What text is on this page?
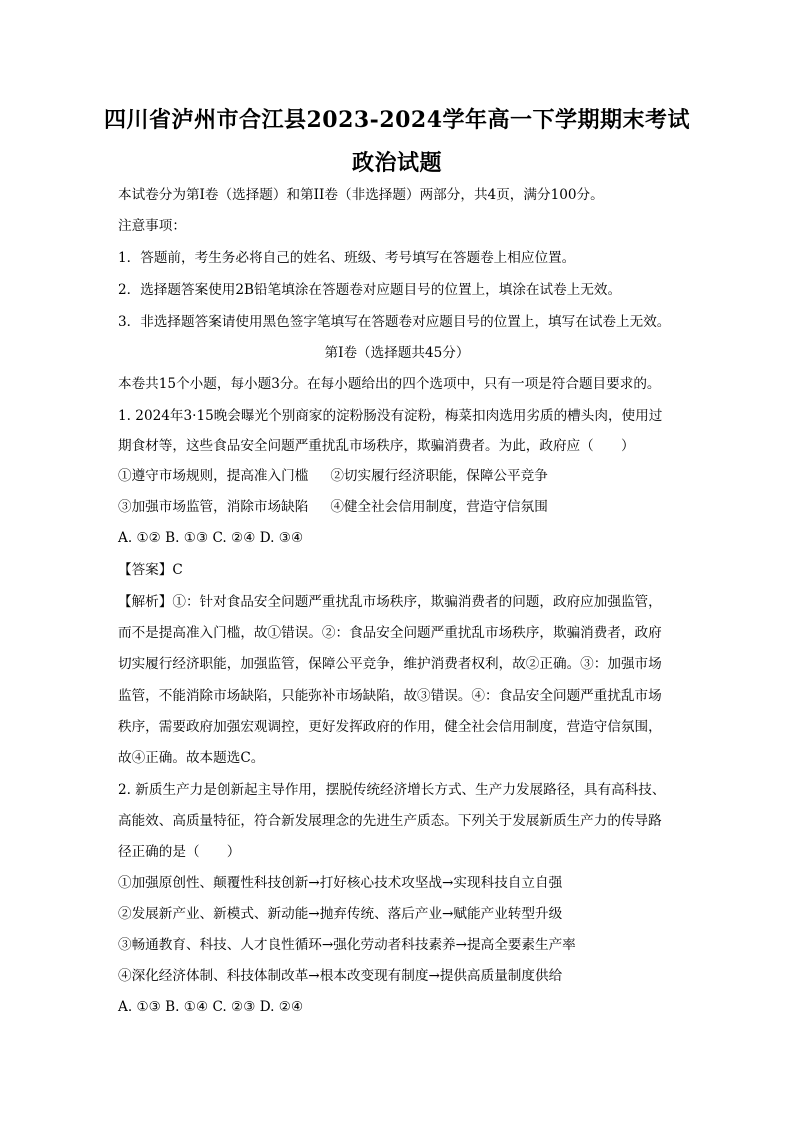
四川省泸州市合江县2023-2024学年高一下学期期末考试
政治试题
本试卷分为第I卷（选择题）和第II卷（非选择题）两部分，共4页，满分100分。
注意事项：
1．答题前，考生务必将自己的姓名、班级、考号填写在答题卷上相应位置。
2．选择题答案使用2B铅笔填涂在答题卷对应题目号的位置上，填涂在试卷上无效。
3．非选择题答案请使用黑色签字笔填写在答题卷对应题目号的位置上，填写在试卷上无效。
第I卷（选择题共45分）
本卷共15个小题，每小题3分。在每小题给出的四个选项中，只有一项是符合题目要求的。
1. 2024年3·15晚会曝光个别商家的淀粉肠没有淀粉，梅菜扣肉选用劣质的槽头肉，使用过
期食材等，这些食品安全问题严重扰乱市场秩序，欺骗消费者。为此，政府应（　　）
①遵守市场规则，提高准入门槛 ②切实履行经济职能，保障公平竞争
③加强市场监管，消除市场缺陷 ④健全社会信用制度，营造守信氛围
A. ①② B. ①③ C. ②④ D. ③④
【答案】C
【解析】①：针对食品安全问题严重扰乱市场秩序，欺骗消费者的问题，政府应加强监管，
而不是提高准入门槛，故①错误。②：食品安全问题严重扰乱市场秩序，欺骗消费者，政府
切实履行经济职能，加强监管，保障公平竞争，维护消费者权利，故②正确。③：加强市场
监管，不能消除市场缺陷，只能弥补市场缺陷，故③错误。④：食品安全问题严重扰乱市场
秩序，需要政府加强宏观调控，更好发挥政府的作用，健全社会信用制度，营造守信氛围，
故④正确。故本题选C。
2. 新质生产力是创新起主导作用，摆脱传统经济增长方式、生产力发展路径，具有高科技、
高能效、高质量特征，符合新发展理念的先进生产质态。下列关于发展新质生产力的传导路
径正确的是（　　）
①加强原创性、颠覆性科技创新→打好核心技术攻坚战→实现科技自立自强
②发展新产业、新模式、新动能→抛弃传统、落后产业→赋能产业转型升级
③畅通教育、科技、人才良性循环→强化劳动者科技素养→提高全要素生产率
④深化经济体制、科技体制改革→根本改变现有制度→提供高质量制度供给
A. ①③ B. ①④ C. ②③ D. ②④
